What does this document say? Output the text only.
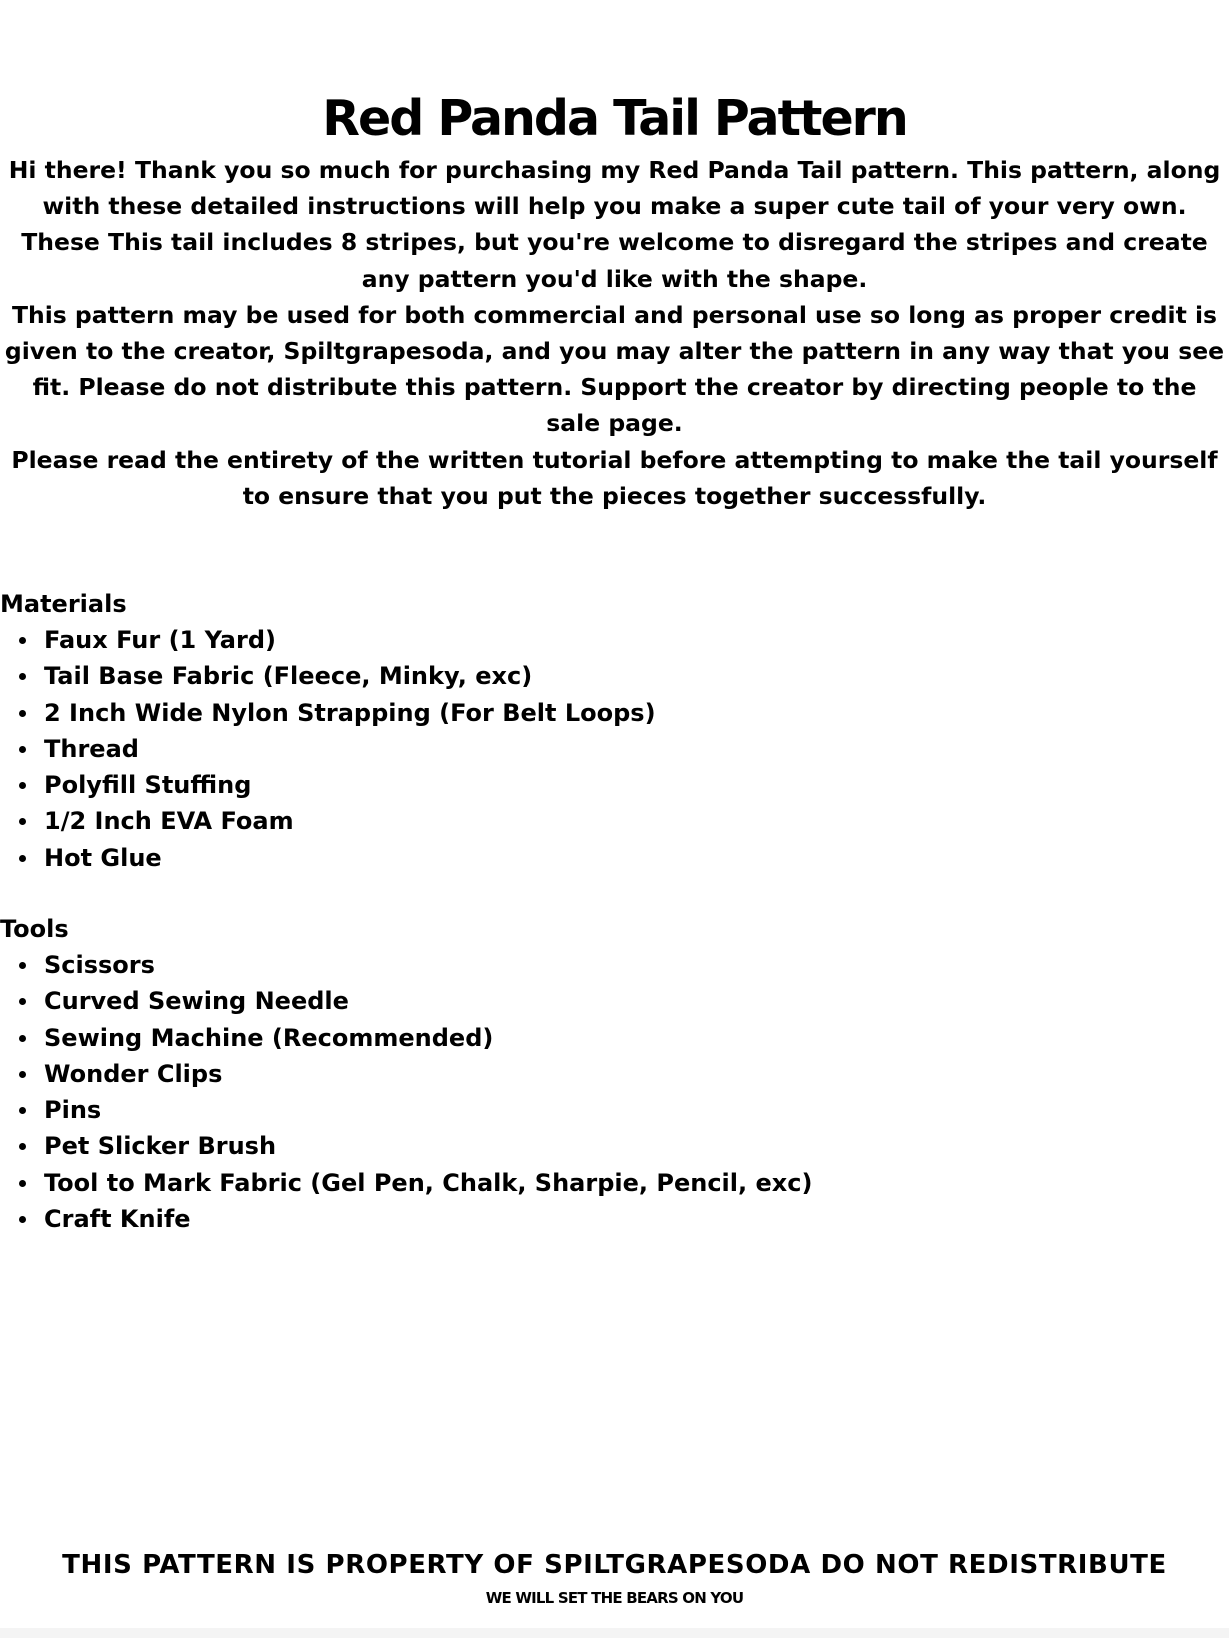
Red Panda Tail Pattern

Hi there! Thank you so much for purchasing my Red Panda Tail pattern. This pattern, along with these detailed instructions will help you make a super cute tail of your very own. These This tail includes 8 stripes, but you're welcome to disregard the stripes and create any pattern you'd like with the shape.

This pattern may be used for both commercial and personal use so long as proper credit is given to the creator, Spiltgrapesoda, and you may alter the pattern in any way that you see fit. Please do not distribute this pattern. Support the creator by directing people to the sale page.

Please read the entirety of the written tutorial before attempting to make the tail yourself to ensure that you put the pieces together successfully.

Materials
Faux Fur (1 Yard)
Tail Base Fabric (Fleece, Minky, exc)
2 Inch Wide Nylon Strapping (For Belt Loops)
Thread
Polyfill Stuffing
1/2 Inch EVA Foam
Hot Glue
Tools
Scissors
Curved Sewing Needle
Sewing Machine (Recommended)
Wonder Clips
Pins
Pet Slicker Brush
Tool to Mark Fabric (Gel Pen, Chalk, Sharpie, Pencil, exc)
Craft Knife

THIS PATTERN IS PROPERTY OF SPILTGRAPESODA DO NOT REDISTRIBUTE

WE WILL SET THE BEARS ON YOU
